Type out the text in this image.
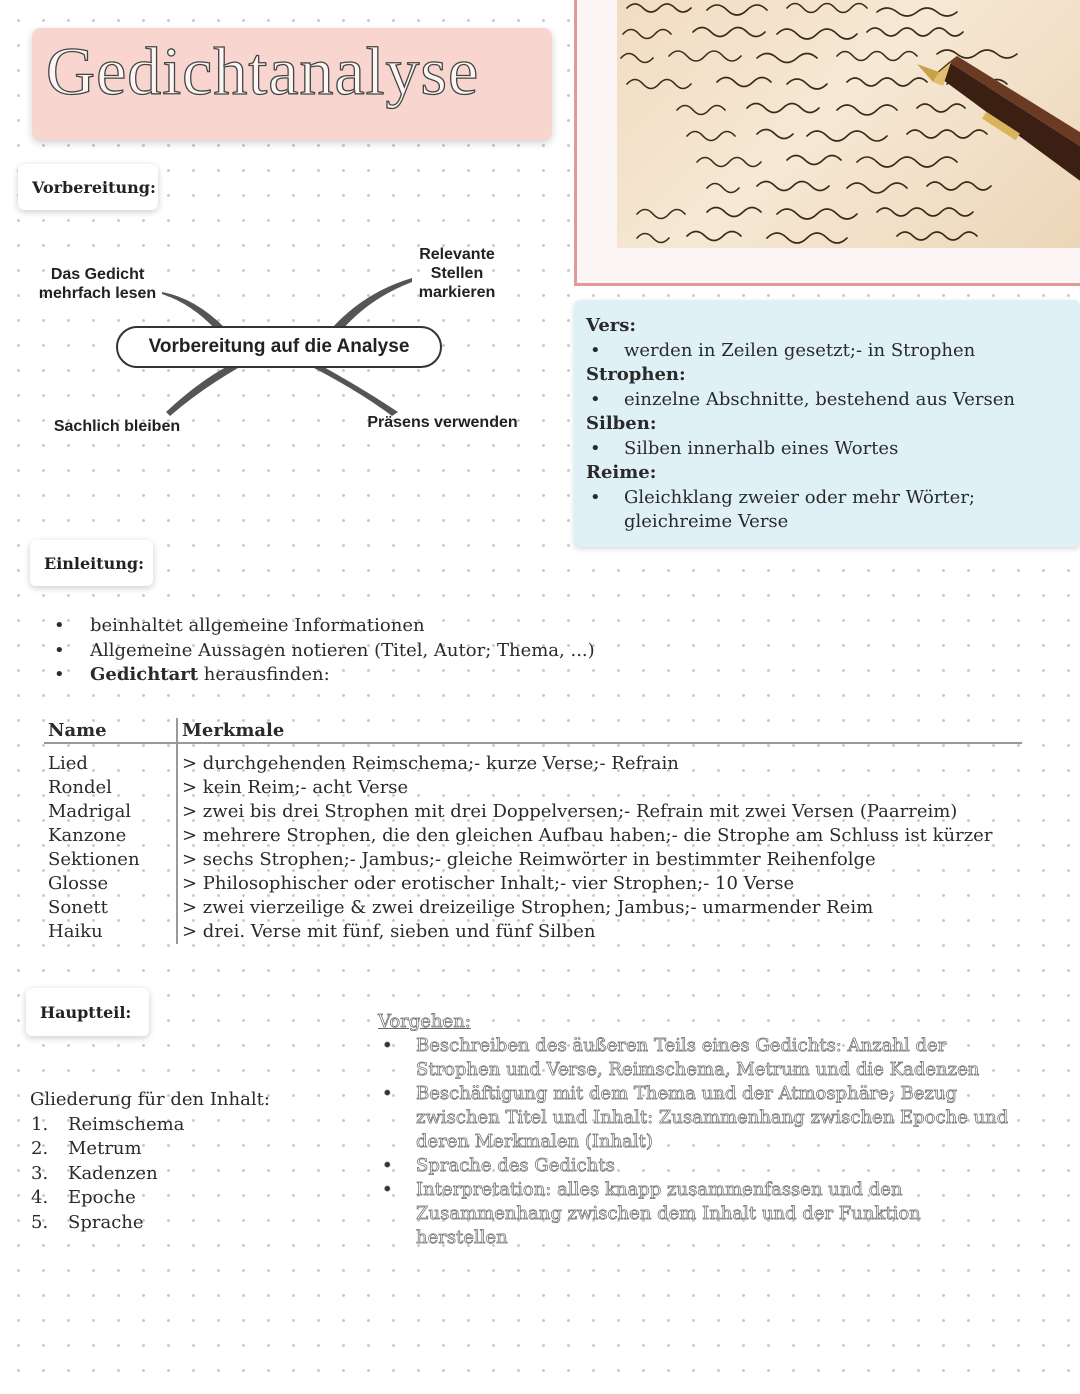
Gedichtanalyse
Vorbereitung:
Das Gedicht mehrfach lesen
Relevante Stellen markieren
Sachlich bleiben	Präsens verwenden
Vorbereitung auf die Analyse
Vers:
• werden in Zeilen gesetzt;- in Strophen
Strophen:
• einzelne Abschnitte, bestehend aus Versen
Silben:
• Silben innerhalb eines Wortes
Reime:
• Gleichklang zweier oder mehr Wörter; gleichreime Verse
Einleitung:
• beinhaltet allgemeine Informationen
• Allgemeine Aussagen notieren (Titel, Autor; Thema, ...)
• Gedichtart herausfinden:
Name	Merkmale
Lied	> durchgehenden Reimschema;- kurze Verse;- Refrain
Rondel	> kein Reim;- acht Verse
Madrigal	> zwei bis drei Strophen mit drei Doppelversen;- Refrain mit zwei Versen (Paarreim)
Kanzone	> mehrere Strophen, die den gleichen Aufbau haben;- die Strophe am Schluss ist kürzer
Sektionen	> sechs Strophen;- Jambus;- gleiche Reimwörter in bestimmter Reihenfolge
Glosse	> Philosophischer oder erotischer Inhalt;- vier Strophen;- 10 Verse
Sonett	> zwei vierzeilige & zwei dreizeilige Strophen; Jambus;- umarmender Reim
Haiku	> drei. Verse mit fünf, sieben und fünf Silben
Hauptteil:
Gliederung für den Inhalt:
1. Reimschema
2. Metrum
3. Kadenzen
4. Epoche
5. Sprache
Vorgehen:
• Beschreiben des äußeren Teils eines Gedichts: Anzahl der Strophen und Verse, Reimschema, Metrum und die Kadenzen
• Beschäftigung mit dem Thema und der Atmosphäre; Bezug zwischen Titel und Inhalt: Zusammenhang zwischen Epoche und deren Merkmalen (Inhalt)
• Sprache des Gedichts
• Interpretation: alles knapp zusammenfassen und den Zusammenhang zwischen dem Inhalt und der Funktion herstellen
